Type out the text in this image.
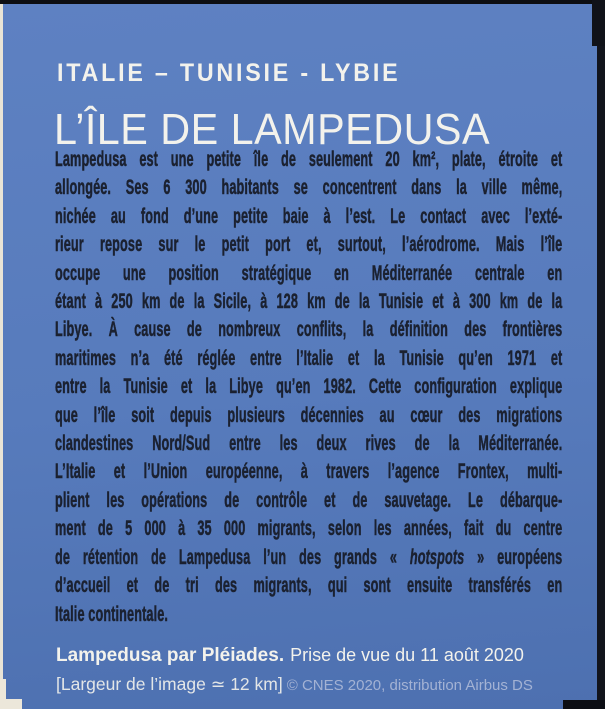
ITALIE – TUNISIE - LYBIE
L’ÎLE DE LAMPEDUSA
Lampedusa est une petite île de seulement 20 km², plate, étroite et
allongée. Ses 6 300 habitants se concentrent dans la ville même,
nichée au fond d’une petite baie à l’est. Le contact avec l’exté-
rieur repose sur le petit port et, surtout, l’aérodrome. Mais l’île
occupe une position stratégique en Méditerranée centrale en
étant à 250 km de la Sicile, à 128 km de la Tunisie et à 300 km de la
Libye. À cause de nombreux conflits, la définition des frontières
maritimes n’a été réglée entre l’Italie et la Tunisie qu’en 1971 et
entre la Tunisie et la Libye qu’en 1982. Cette configuration explique
que l’île soit depuis plusieurs décennies au cœur des migrations
clandestines Nord/Sud entre les deux rives de la Méditerranée.
L’Italie et l’Union européenne, à travers l’agence Frontex, multi-
plient les opérations de contrôle et de sauvetage. Le débarque-
ment de 5 000 à 35 000 migrants, selon les années, fait du centre
de rétention de Lampedusa l’un des grands « hotspots » européens
d’accueil et de tri des migrants, qui sont ensuite transférés en
Italie continentale.
Lampedusa par Pléiades. Prise de vue du 11 août 2020
[Largeur de l’image ≃ 12 km] © CNES 2020, distribution Airbus DS
